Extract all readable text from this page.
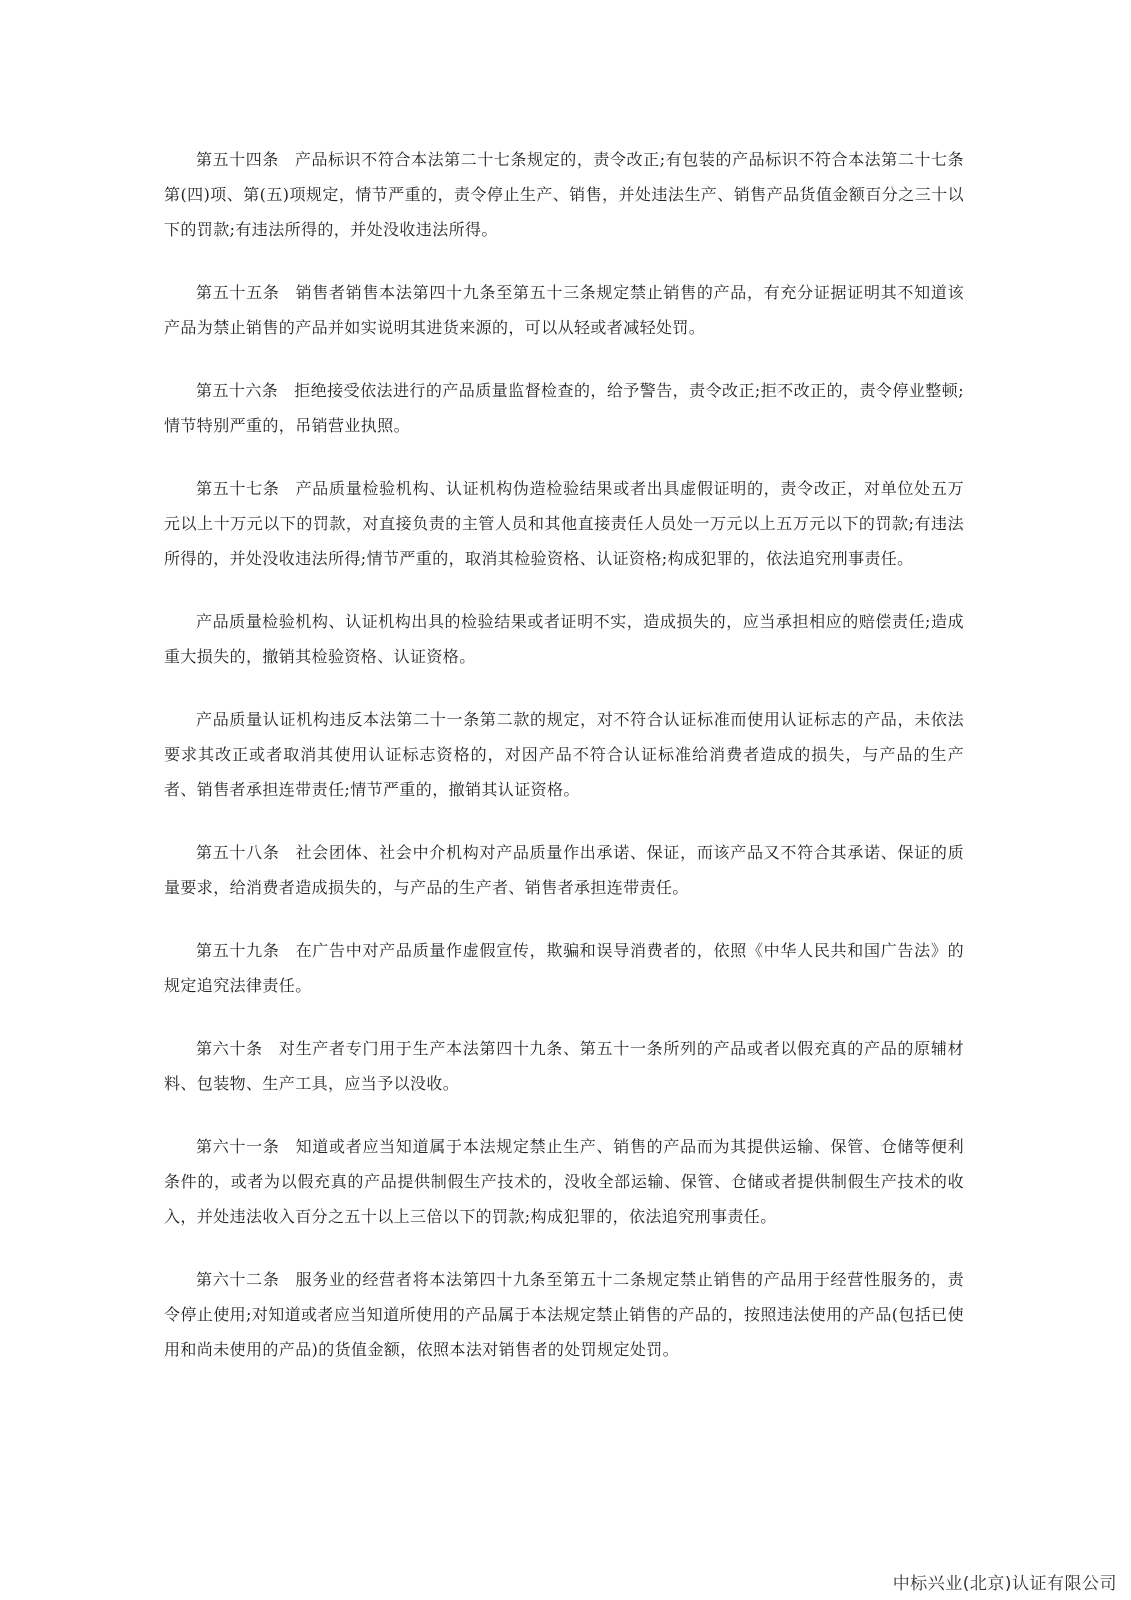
第五十四条 产品标识不符合本法第二十七条规定的，责令改正;有包装的产品标识不符合本法第二十七条第(四)项、第(五)项规定，情节严重的，责令停止生产、销售，并处违法生产、销售产品货值金额百分之三十以下的罚款;有违法所得的，并处没收违法所得。

第五十五条 销售者销售本法第四十九条至第五十三条规定禁止销售的产品，有充分证据证明其不知道该产品为禁止销售的产品并如实说明其进货来源的，可以从轻或者减轻处罚。

第五十六条 拒绝接受依法进行的产品质量监督检查的，给予警告，责令改正;拒不改正的，责令停业整顿;情节特别严重的，吊销营业执照。

第五十七条 产品质量检验机构、认证机构伪造检验结果或者出具虚假证明的，责令改正，对单位处五万元以上十万元以下的罚款，对直接负责的主管人员和其他直接责任人员处一万元以上五万元以下的罚款;有违法所得的，并处没收违法所得;情节严重的，取消其检验资格、认证资格;构成犯罪的，依法追究刑事责任。

产品质量检验机构、认证机构出具的检验结果或者证明不实，造成损失的，应当承担相应的赔偿责任;造成重大损失的，撤销其检验资格、认证资格。

产品质量认证机构违反本法第二十一条第二款的规定，对不符合认证标准而使用认证标志的产品，未依法要求其改正或者取消其使用认证标志资格的，对因产品不符合认证标准给消费者造成的损失，与产品的生产者、销售者承担连带责任;情节严重的，撤销其认证资格。

第五十八条 社会团体、社会中介机构对产品质量作出承诺、保证，而该产品又不符合其承诺、保证的质量要求，给消费者造成损失的，与产品的生产者、销售者承担连带责任。

第五十九条 在广告中对产品质量作虚假宣传，欺骗和误导消费者的，依照《中华人民共和国广告法》的规定追究法律责任。

第六十条 对生产者专门用于生产本法第四十九条、第五十一条所列的产品或者以假充真的产品的原辅材料、包装物、生产工具，应当予以没收。

第六十一条 知道或者应当知道属于本法规定禁止生产、销售的产品而为其提供运输、保管、仓储等便利条件的，或者为以假充真的产品提供制假生产技术的，没收全部运输、保管、仓储或者提供制假生产技术的收入，并处违法收入百分之五十以上三倍以下的罚款;构成犯罪的，依法追究刑事责任。

第六十二条 服务业的经营者将本法第四十九条至第五十二条规定禁止销售的产品用于经营性服务的，责令停止使用;对知道或者应当知道所使用的产品属于本法规定禁止销售的产品的，按照违法使用的产品(包括已使用和尚未使用的产品)的货值金额，依照本法对销售者的处罚规定处罚。

中标兴业(北京)认证有限公司
